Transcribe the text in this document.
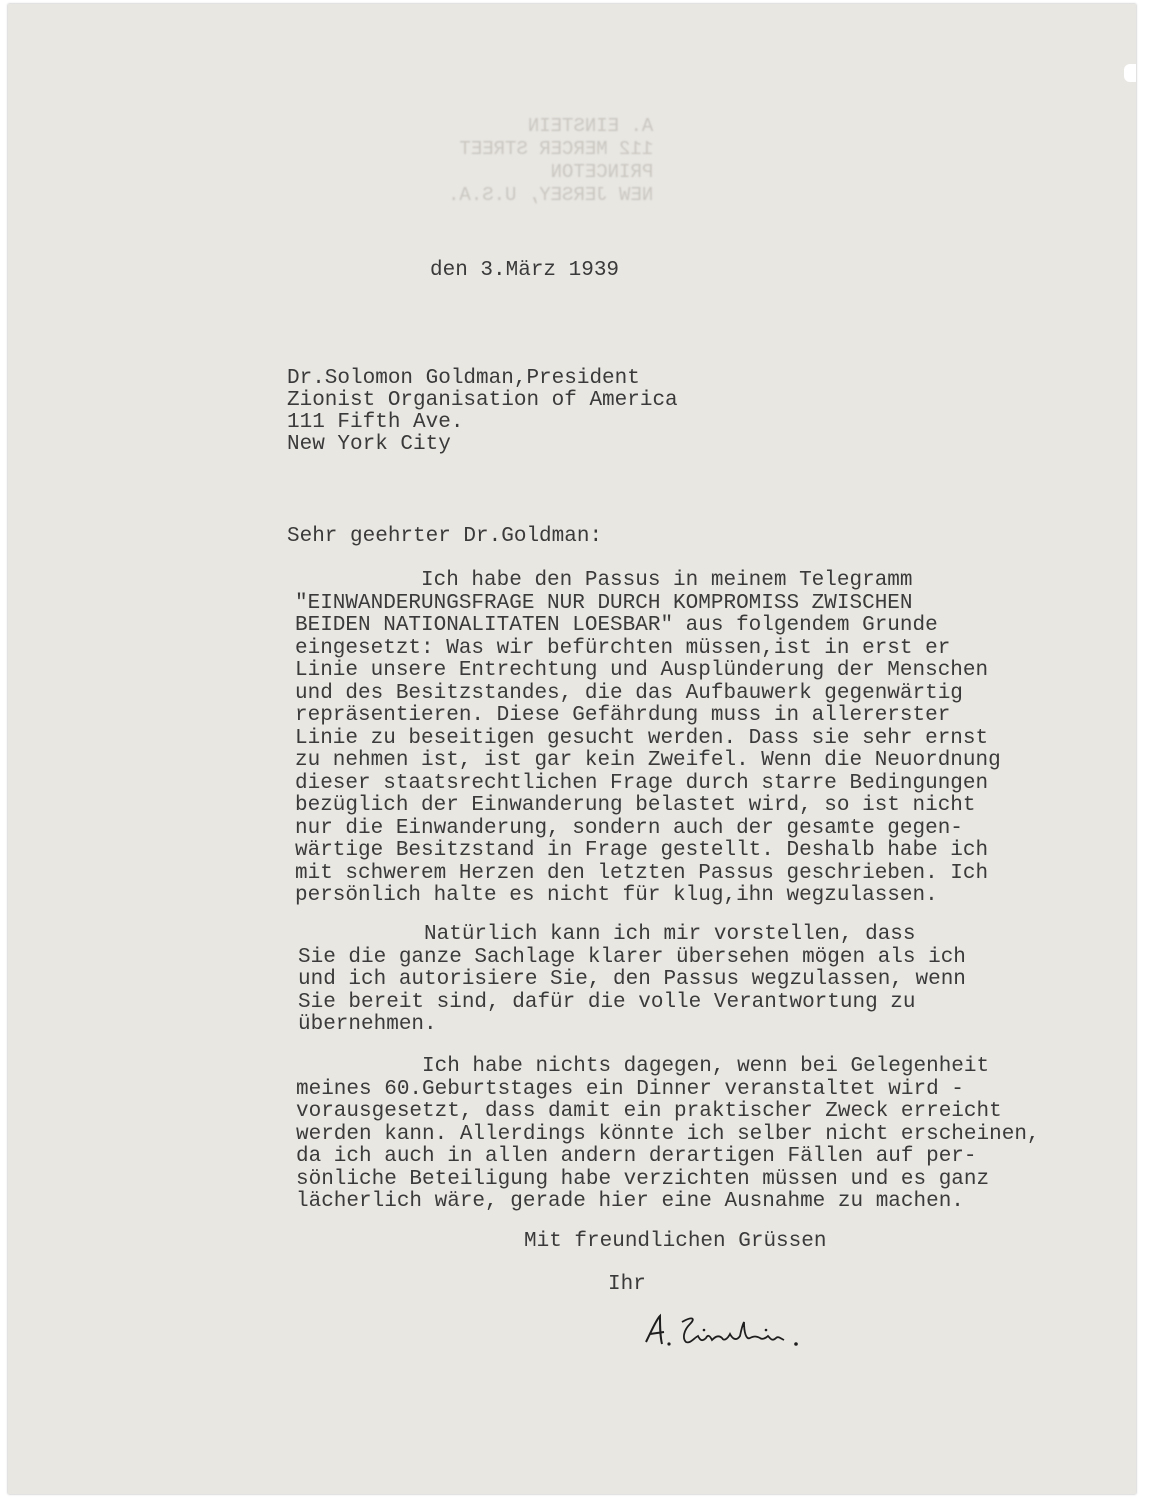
A. EINSTEIN
112 MERCER STREET
PRINCETON
NEW JERSEY, U.S.A.
den 3.März 1939
Dr.Solomon Goldman,President
Zionist Organisation of America
111 Fifth Ave.
New York City
Sehr geehrter Dr.Goldman:
Ich habe den Passus in meinem Telegramm
"EINWANDERUNGSFRAGE NUR DURCH KOMPROMISS ZWISCHEN
BEIDEN NATIONALITATEN LOESBAR" aus folgendem Grunde
eingesetzt: Was wir befürchten müssen,ist in erst er
Linie unsere Entrechtung und Ausplünderung der Menschen
und des Besitzstandes, die das Aufbauwerk gegenwärtig
repräsentieren. Diese Gefährdung muss in allererster
Linie zu beseitigen gesucht werden. Dass sie sehr ernst
zu nehmen ist, ist gar kein Zweifel. Wenn die Neuordnung
dieser staatsrechtlichen Frage durch starre Bedingungen
bezüglich der Einwanderung belastet wird, so ist nicht
nur die Einwanderung, sondern auch der gesamte gegen-
wärtige Besitzstand in Frage gestellt. Deshalb habe ich
mit schwerem Herzen den letzten Passus geschrieben. Ich
persönlich halte es nicht für klug,ihn wegzulassen.
Natürlich kann ich mir vorstellen, dass
Sie die ganze Sachlage klarer übersehen mögen als ich
und ich autorisiere Sie, den Passus wegzulassen, wenn
Sie bereit sind, dafür die volle Verantwortung zu
übernehmen.
Ich habe nichts dagegen, wenn bei Gelegenheit
meines 60.Geburtstages ein Dinner veranstaltet wird -
vorausgesetzt, dass damit ein praktischer Zweck erreicht
werden kann. Allerdings könnte ich selber nicht erscheinen,
da ich auch in allen andern derartigen Fällen auf per-
sönliche Beteiligung habe verzichten müssen und es ganz
lächerlich wäre, gerade hier eine Ausnahme zu machen.
Mit freundlichen Grüssen
Ihr
